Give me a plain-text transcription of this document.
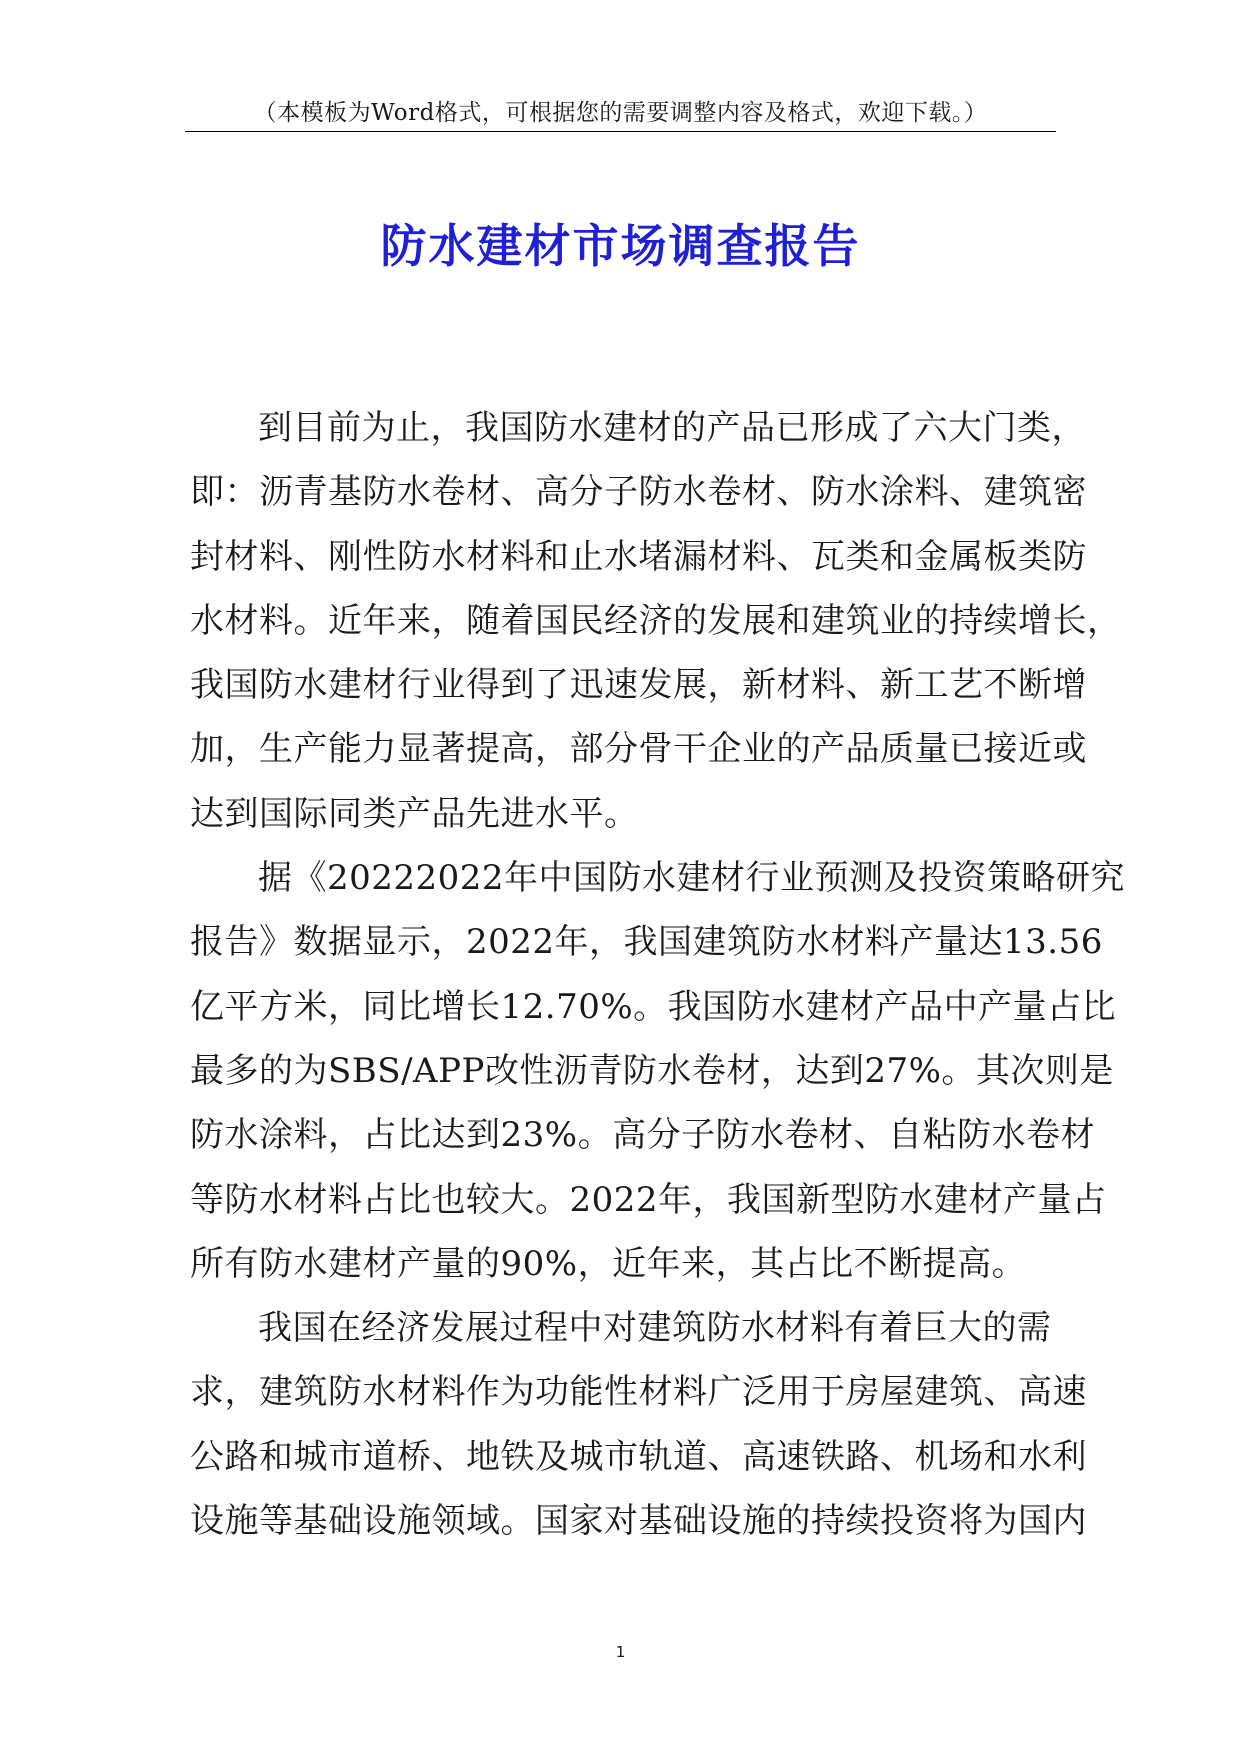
（本模板为Word格式，可根据您的需要调整内容及格式，欢迎下载。）
防水建材市场调查报告
到目前为止，我国防水建材的产品已形成了六大门类，
即：沥青基防水卷材、高分子防水卷材、防水涂料、建筑密
封材料、刚性防水材料和止水堵漏材料、瓦类和金属板类防
水材料。近年来，随着国民经济的发展和建筑业的持续增长，
我国防水建材行业得到了迅速发展，新材料、新工艺不断增
加，生产能力显著提高，部分骨干企业的产品质量已接近或
达到国际同类产品先进水平。
据《20222022年中国防水建材行业预测及投资策略研究
报告》数据显示，2022年，我国建筑防水材料产量达13.56
亿平方米，同比增长12.70%。我国防水建材产品中产量占比
最多的为SBS/APP改性沥青防水卷材，达到27%。其次则是
防水涂料，占比达到23%。高分子防水卷材、自粘防水卷材
等防水材料占比也较大。2022年，我国新型防水建材产量占
所有防水建材产量的90%，近年来，其占比不断提高。
我国在经济发展过程中对建筑防水材料有着巨大的需
求，建筑防水材料作为功能性材料广泛用于房屋建筑、高速
公路和城市道桥、地铁及城市轨道、高速铁路、机场和水利
设施等基础设施领域。国家对基础设施的持续投资将为国内
1
